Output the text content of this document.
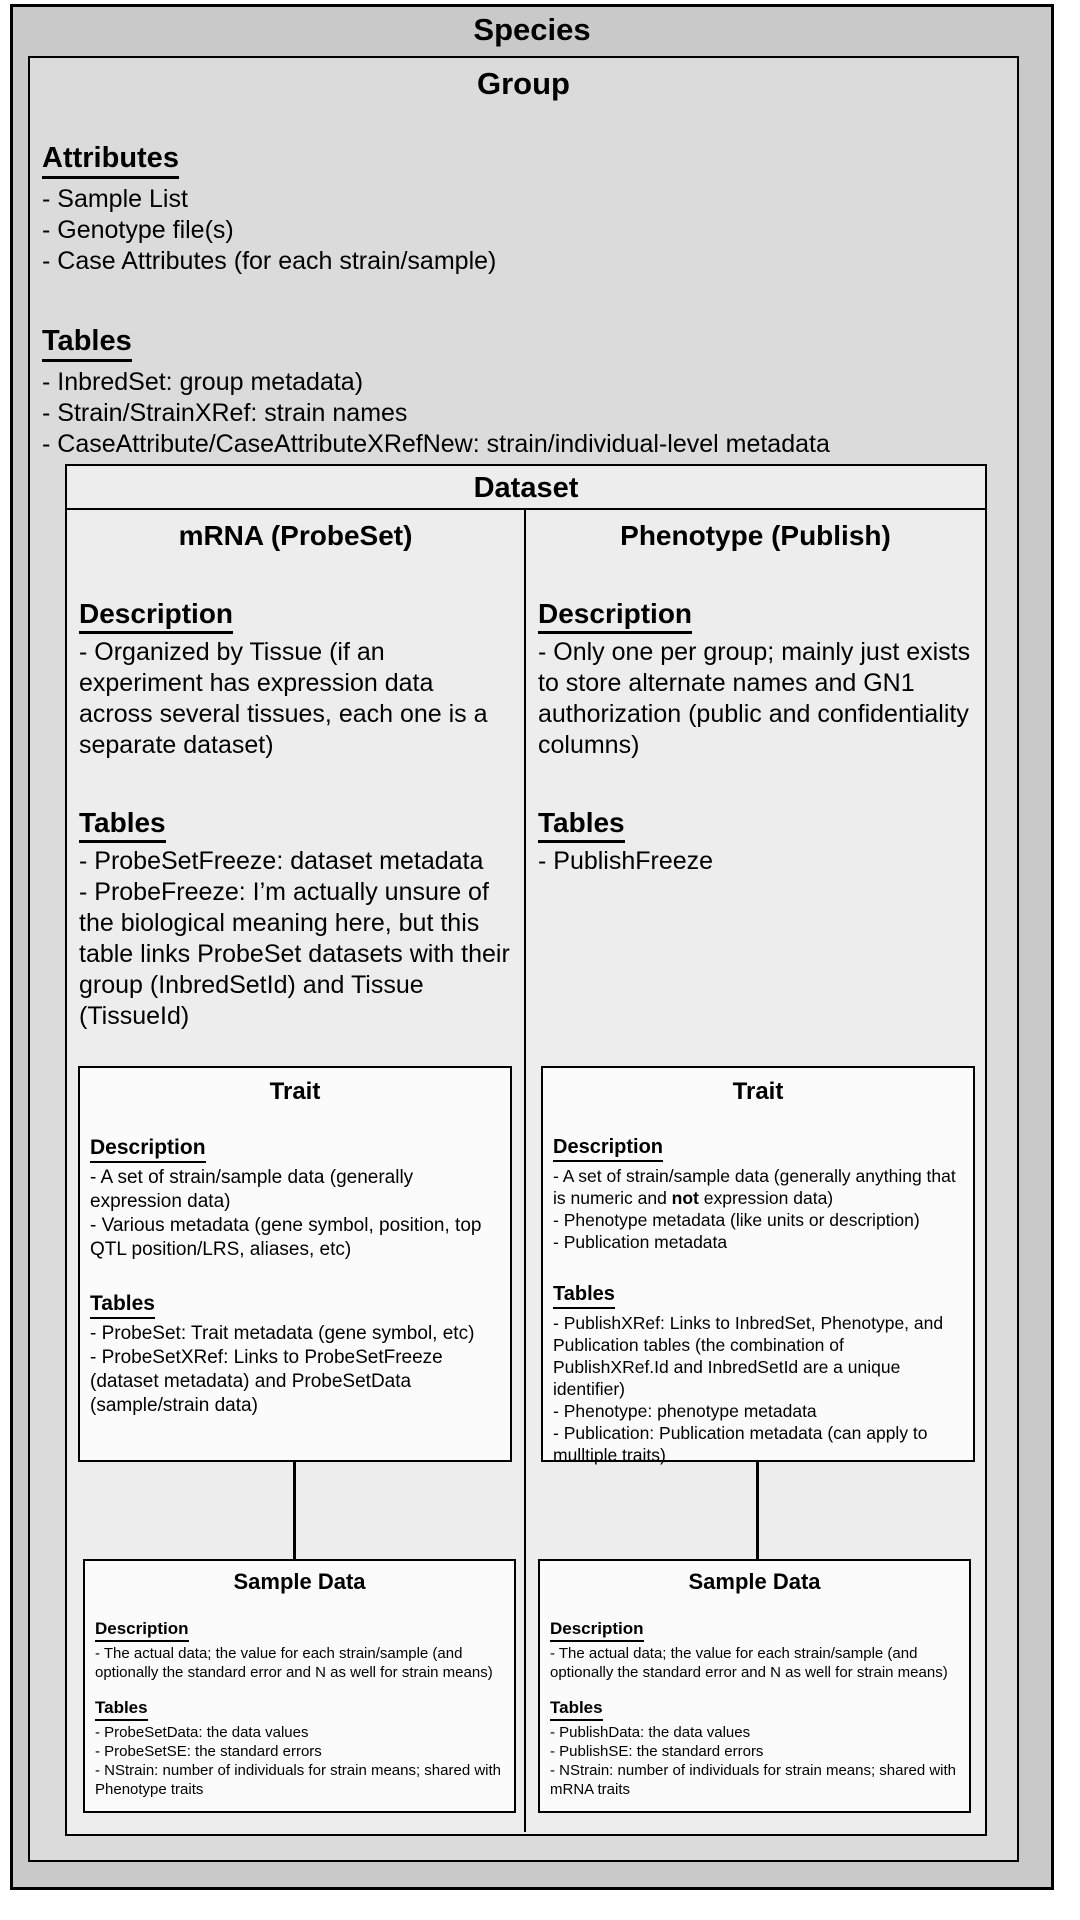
Species
Group
Attributes
- Sample List
- Genotype file(s)
- Case Attributes (for each strain/sample)
Tables
- InbredSet: group metadata)
- Strain/StrainXRef: strain names
- CaseAttribute/CaseAttributeXRefNew: strain/individual-level metadata
Dataset
mRNA (ProbeSet)
Description
- Organized by Tissue (if an experiment has expression data across several tissues, each one is a separate dataset)
Tables
- ProbeSetFreeze: dataset metadata
- ProbeFreeze: I’m actually unsure of the biological meaning here, but this table links ProbeSet datasets with their group (InbredSetId) and Tissue (TissueId)
Phenotype (Publish)
Description
- Only one per group; mainly just exists to store alternate names and GN1 authorization (public and confidentiality columns)
Tables
- PublishFreeze
Trait
Description
- A set of strain/sample data (generally expression data)
- Various metadata (gene symbol, position, top QTL position/LRS, aliases, etc)
Tables
- ProbeSet: Trait metadata (gene symbol, etc)
- ProbeSetXRef: Links to ProbeSetFreeze (dataset metadata) and ProbeSetData (sample/strain data)
Trait
Description
- A set of strain/sample data (generally anything that is numeric and not expression data)
- Phenotype metadata (like units or description)
- Publication metadata
Tables
- PublishXRef: Links to InbredSet, Phenotype, and Publication tables (the combination of PublishXRef.Id and InbredSetId are a unique identifier)
- Phenotype: phenotype metadata
- Publication: Publication metadata (can apply to mulltiple traits)
Sample Data
Description
- The actual data; the value for each strain/sample (and optionally the standard error and N as well for strain means)
Tables
- ProbeSetData: the data values
- ProbeSetSE: the standard errors
- NStrain: number of individuals for strain means; shared with Phenotype traits
Sample Data
Description
- The actual data; the value for each strain/sample (and optionally the standard error and N as well for strain means)
Tables
- PublishData: the data values
- PublishSE: the standard errors
- NStrain: number of individuals for strain means; shared with mRNA traits
